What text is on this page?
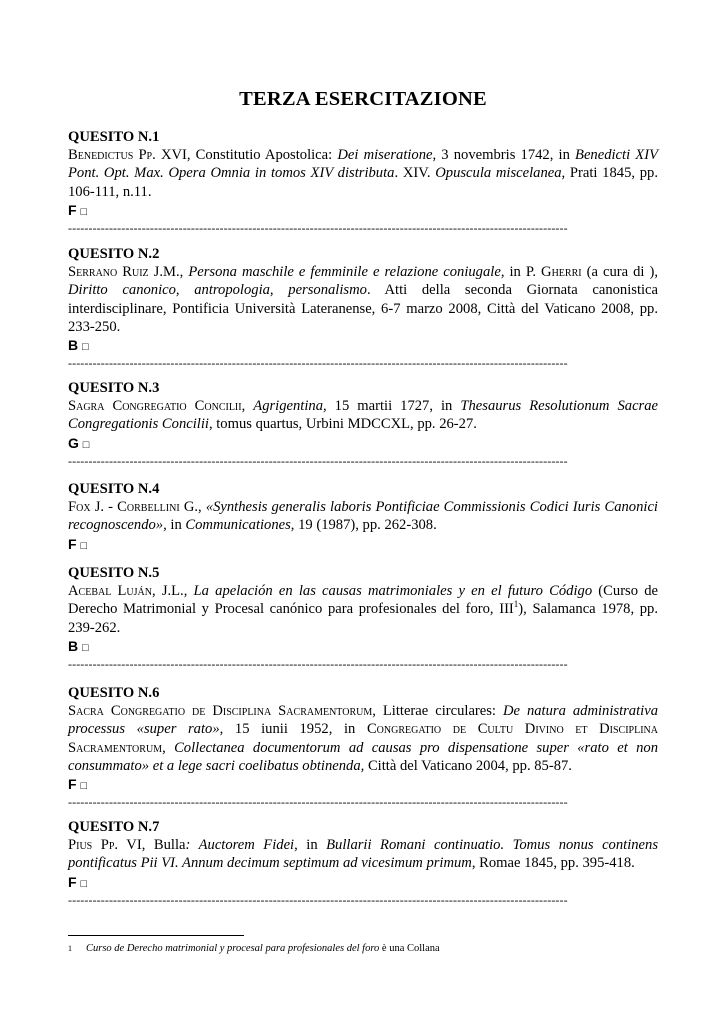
TERZA ESERCITAZIONE
QUESITO N.1
Benedictus Pp. XVI, Constitutio Apostolica: Dei miseratione, 3 novembris 1742, in Benedicti XIV Pont. Opt. Max. Opera Omnia in tomos XIV distributa. XIV. Opuscula miscelanea, Prati 1845, pp. 106-111, n.11.
F □
--------------------------------------------------------------------------------------------------------------------------
QUESITO N.2
Serrano Ruiz J.M., Persona maschile e femminile e relazione coniugale, in P. Gherri (a cura di ), Diritto canonico, antropologia, personalismo. Atti della seconda Giornata canonistica interdisciplinare, Pontificia Università Lateranense, 6-7 marzo 2008, Città del Vaticano 2008, pp. 233-250.
B □
--------------------------------------------------------------------------------------------------------------------------
QUESITO N.3
Sagra Congregatio Concilii, Agrigentina, 15 martii 1727, in Thesaurus Resolutionum Sacrae Congregationis Concilii, tomus quartus, Urbini MDCCXL, pp. 26-27.
G □
--------------------------------------------------------------------------------------------------------------------------
QUESITO N.4
Fox J. - Corbellini G., «Synthesis generalis laboris Pontificiae Commissionis Codici Iuris Canonici recognoscendo», in Communicationes, 19 (1987), pp. 262-308.
F □
QUESITO N.5
Acebal Luján, J.L., La apelación en las causas matrimoniales y en el futuro Código (Curso de Derecho Matrimonial y Procesal canónico para profesionales del foro, III$^1$), Salamanca 1978, pp. 239-262.
B □
--------------------------------------------------------------------------------------------------------------------------
QUESITO N.6
Sacra Congregatio de Disciplina Sacramentorum, Litterae circulares: De natura administrativa processus «super rato», 15 iunii 1952, in Congregatio de Cultu Divino et Disciplina Sacramentorum, Collectanea documentorum ad causas pro dispensatione super «rato et non consummato» et a lege sacri coelibatus obtinenda, Città del Vaticano 2004, pp. 85-87.
F □
--------------------------------------------------------------------------------------------------------------------------
QUESITO N.7
Pius Pp. VI, Bulla: Auctorem Fidei, in Bullarii Romani continuatio. Tomus nonus continens pontificatus Pii VI. Annum decimum septimum ad vicesimum primum, Romae 1845, pp. 395-418.
F □
--------------------------------------------------------------------------------------------------------------------------
1 Curso de Derecho matrimonial y procesal para profesionales del foro è una Collana
